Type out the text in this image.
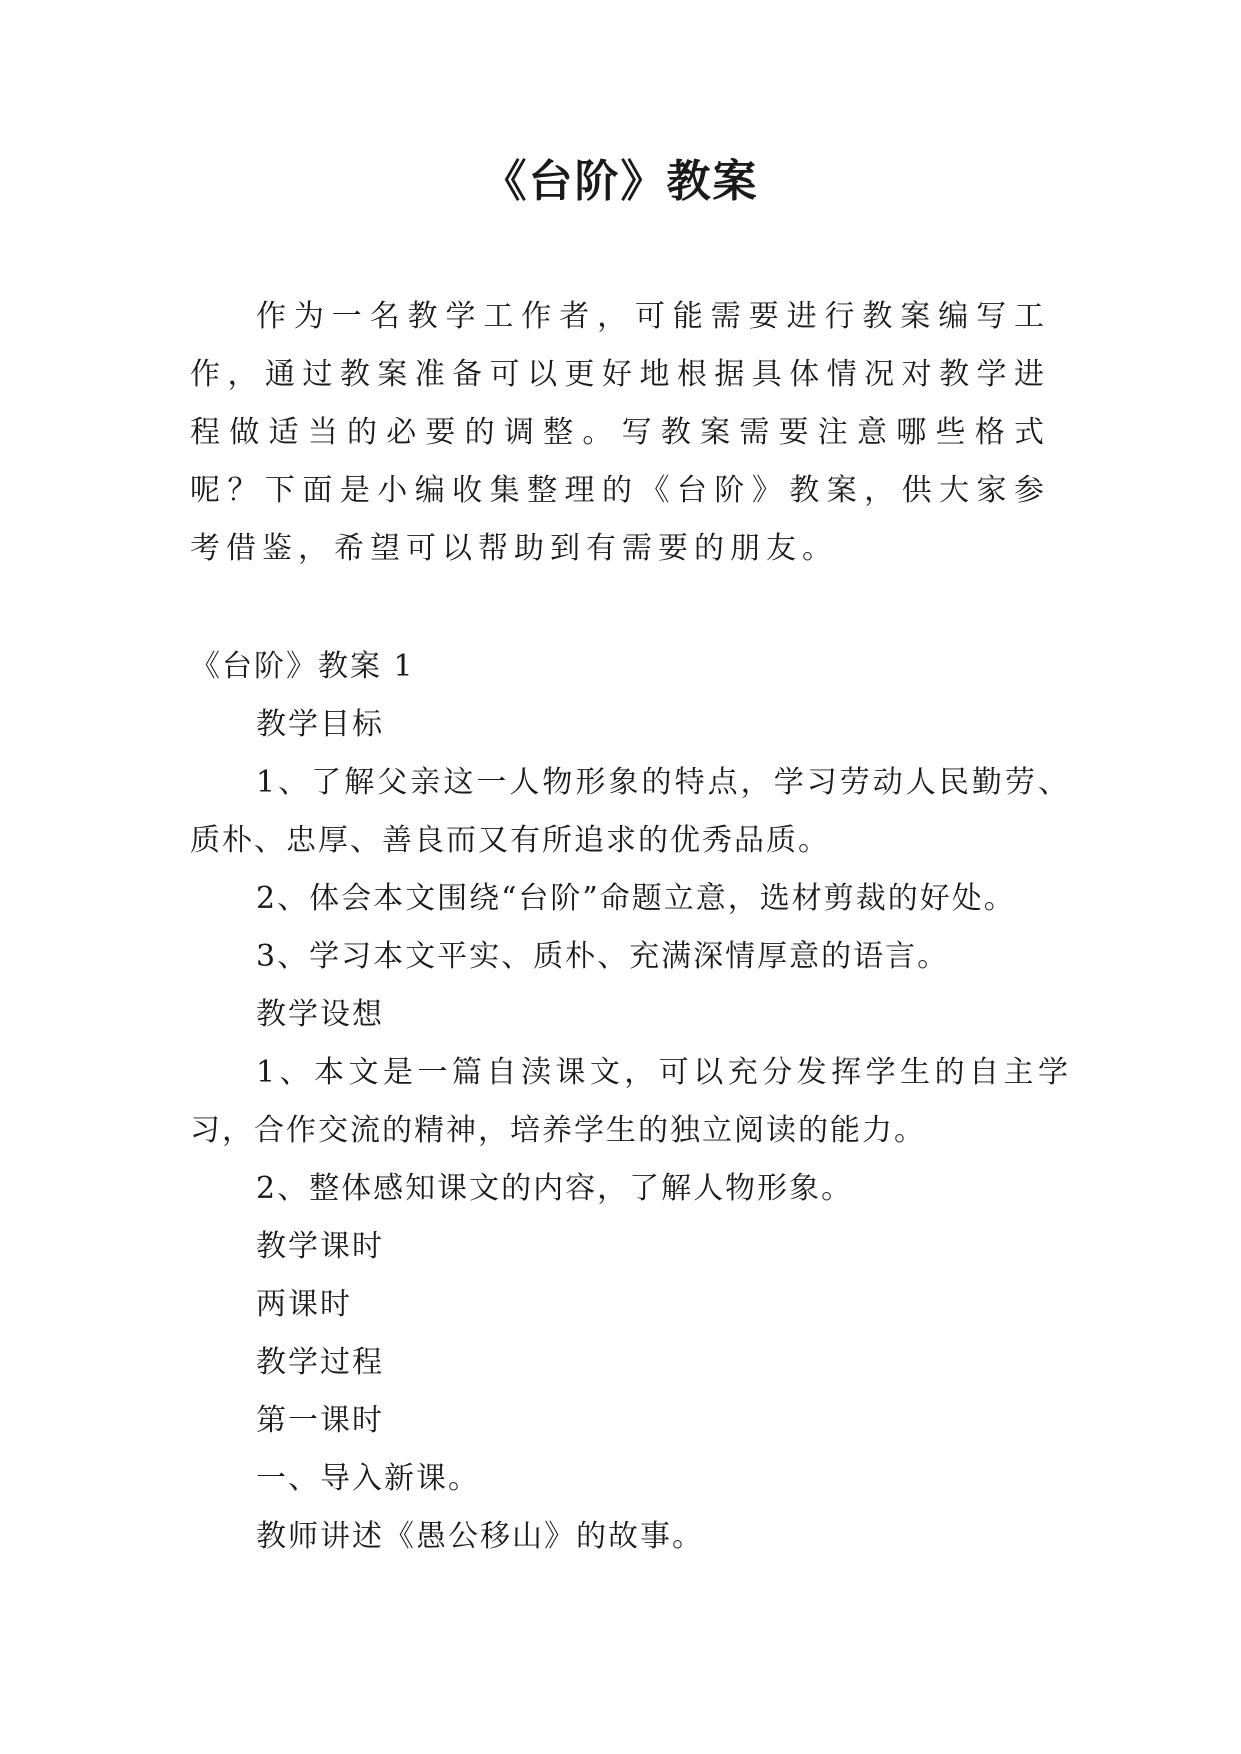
《台阶》教案

作为一名教学工作者，可能需要进行教案编写工作，通过教案准备可以更好地根据具体情况对教学进程做适当的必要的调整。写教案需要注意哪些格式呢？下面是小编收集整理的《台阶》教案，供大家参考借鉴，希望可以帮助到有需要的朋友。

《台阶》教案 1

教学目标

1、了解父亲这一人物形象的特点，学习劳动人民勤劳、质朴、忠厚、善良而又有所追求的优秀品质。

2、体会本文围绕“台阶”命题立意，选材剪裁的好处。

3、学习本文平实、质朴、充满深情厚意的语言。

教学设想

1、本文是一篇自渎课文，可以充分发挥学生的自主学习，合作交流的精神，培养学生的独立阅读的能力。

2、整体感知课文的内容，了解人物形象。

教学课时

两课时

教学过程

第一课时

一、导入新课。

教师讲述《愚公移山》的故事。
